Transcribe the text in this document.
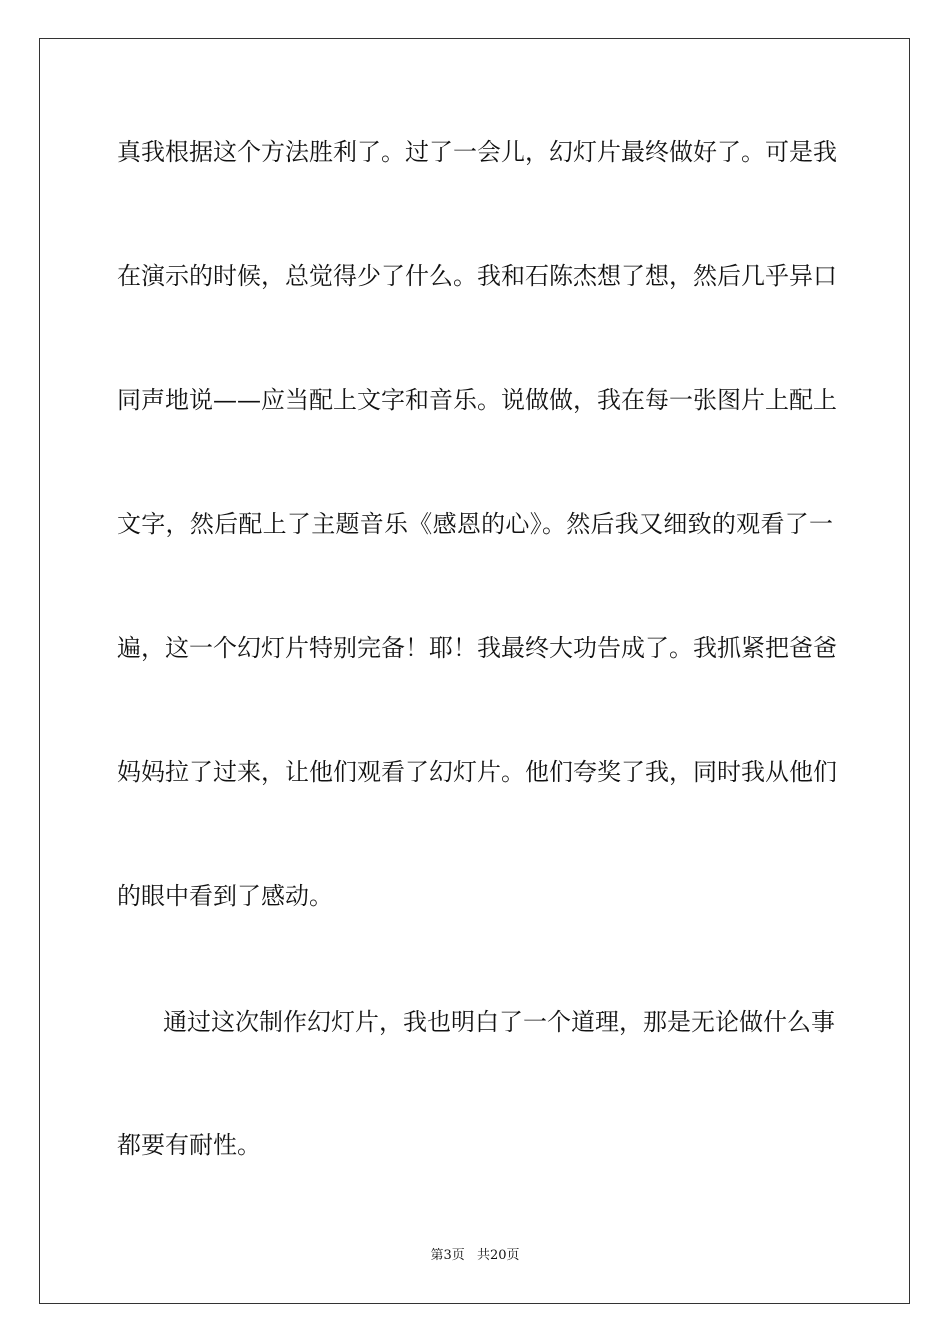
真我根据这个方法胜利了。过了一会儿，幻灯片最终做好了。可是我
在演示的时候，总觉得少了什么。我和石陈杰想了想，然后几乎异口
同声地说——应当配上文字和音乐。说做做，我在每一张图片上配上
文字，然后配上了主题音乐《感恩的心》。然后我又细致的观看了一
遍，这一个幻灯片特别完备！耶！我最终大功告成了。我抓紧把爸爸
妈妈拉了过来，让他们观看了幻灯片。他们夸奖了我，同时我从他们
的眼中看到了感动。
通过这次制作幻灯片，我也明白了一个道理，那是无论做什么事
都要有耐性。
第3页 共20页
